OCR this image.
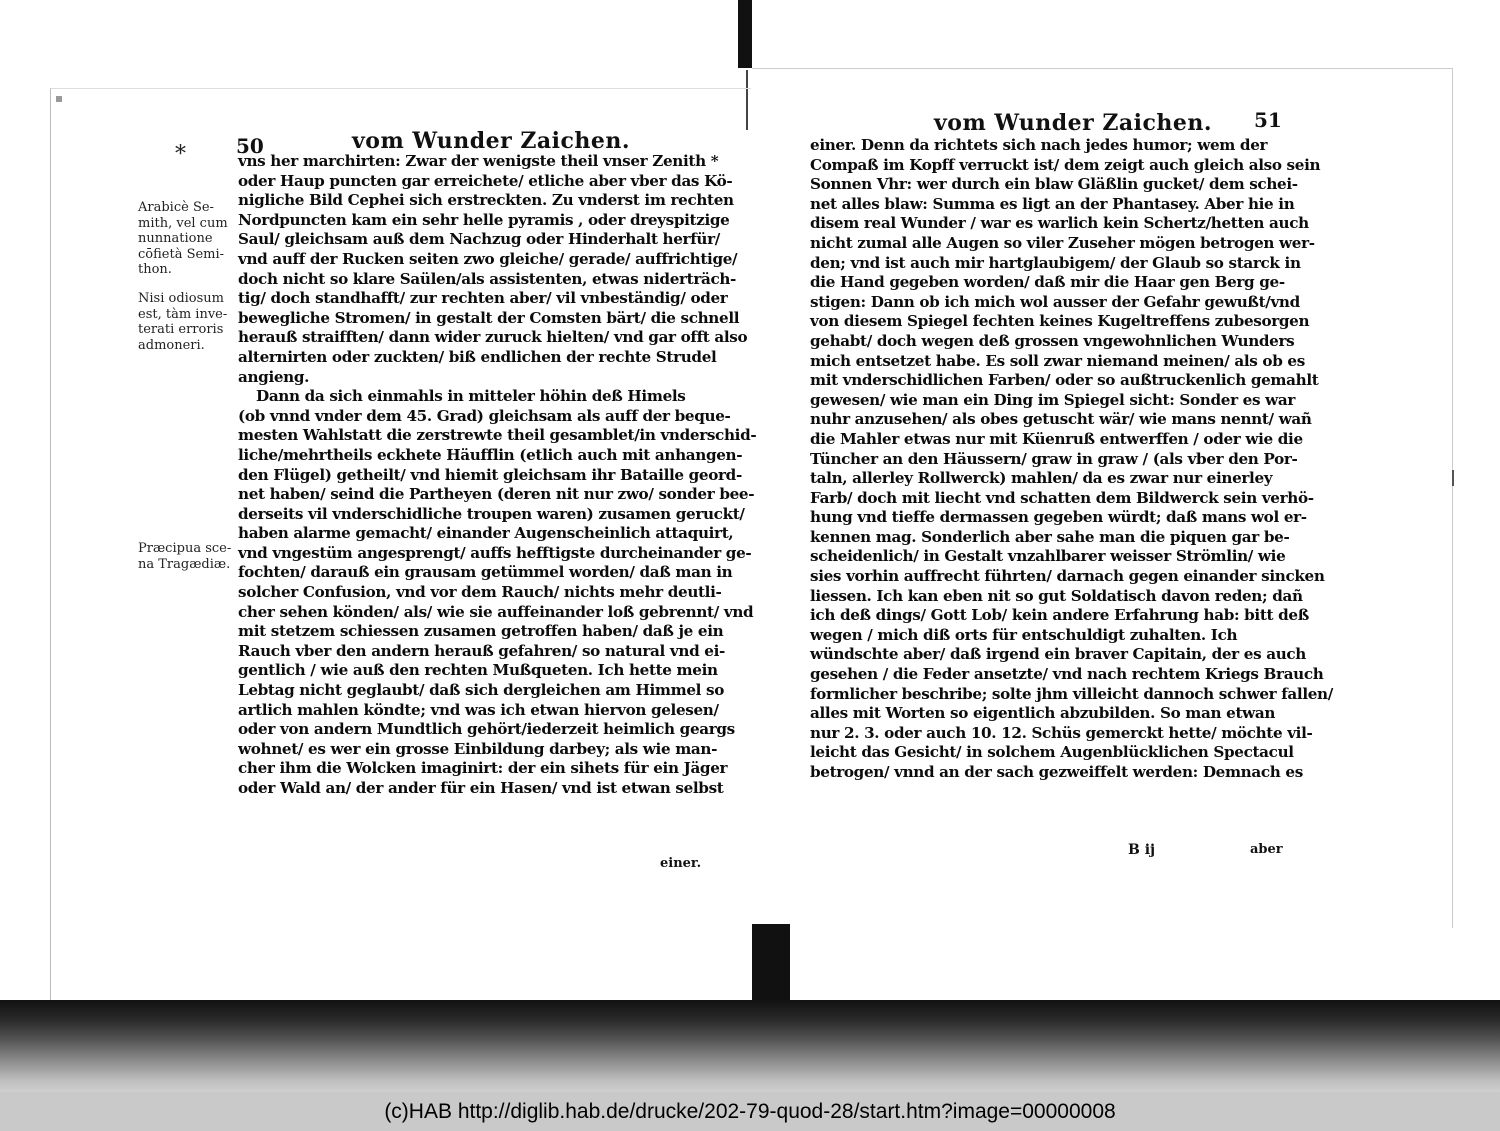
50	vom Wunder Zaichen.
*
Arabicè Se-
mith, vel cum
nunnatione
cōfietà Semi-
thon.
Nisi odiosum
est, tàm inve-
terati erroris
admoneri.
Præcipua sce-
na Tragædiæ.
vns her marchirten: Zwar der wenigste theil vnser Zenith *
oder Haup puncten gar erreichete/ etliche aber vber das Kö-
nigliche Bild Cephei sich erstreckten. Zu vnderst im rechten
Nordpuncten kam ein sehr helle pyramis , oder dreyspitzige
Saul/ gleichsam auß dem Nachzug oder Hinderhalt herfür/
vnd auff der Rucken seiten zwo gleiche/ gerade/ auffrichtige/
doch nicht so klare Saülen/als assistenten, etwas niderträch-
tig/ doch standhafft/ zur rechten aber/ vil vnbeständig/ oder
bewegliche Stromen/ in gestalt der Comsten bärt/ die schnell
herauß straifften/ dann wider zuruck hielten/ vnd gar offt also
alternirten oder zuckten/ biß endlichen der rechte Strudel
angieng.
Dann da sich einmahls in mitteler höhin deß Himels
(ob vnnd vnder dem 45. Grad) gleichsam als auff der beque-
mesten Wahlstatt die zerstrewte theil gesamblet/in vnderschid-
liche/mehrtheils eckhete Häufflin (etlich auch mit anhangen-
den Flügel) getheilt/ vnd hiemit gleichsam ihr Bataille geord-
net haben/ seind die Partheyen (deren nit nur zwo/ sonder bee-
derseits vil vnderschidliche troupen waren) zusamen geruckt/
haben alarme gemacht/ einander Augenscheinlich attaquirt,
vnd vngestüm angesprengt/ auffs hefftigste durcheinander ge-
fochten/ darauß ein grausam getümmel worden/ daß man in
solcher Confusion, vnd vor dem Rauch/ nichts mehr deutli-
cher sehen könden/ als/ wie sie auffeinander loß gebrennt/ vnd
mit stetzem schiessen zusamen getroffen haben/ daß je ein
Rauch vber den andern herauß gefahren/ so natural vnd ei-
gentlich / wie auß den rechten Mußqueten. Ich hette mein
Lebtag nicht geglaubt/ daß sich dergleichen am Himmel so
artlich mahlen köndte; vnd was ich etwan hiervon gelesen/
oder von andern Mundtlich gehört/iederzeit heimlich geargs
wohnet/ es wer ein grosse Einbildung darbey; als wie man-
cher ihm die Wolcken imaginirt: der ein sihets für ein Jäger
oder Wald an/ der ander für ein Hasen/ vnd ist etwan selbst
einer.
vom Wunder Zaichen. 51
einer. Denn da richtets sich nach jedes humor; wem der
Compaß im Kopff verruckt ist/ dem zeigt auch gleich also sein
Sonnen Vhr: wer durch ein blaw Gläßlin gucket/ dem schei-
net alles blaw: Summa es ligt an der Phantasey. Aber hie in
disem real Wunder / war es warlich kein Schertz/hetten auch
nicht zumal alle Augen so viler Zuseher mögen betrogen wer-
den; vnd ist auch mir hartglaubigem/ der Glaub so starck in
die Hand gegeben worden/ daß mir die Haar gen Berg ge-
stigen: Dann ob ich mich wol ausser der Gefahr gewußt/vnd
von diesem Spiegel fechten keines Kugeltreffens zubesorgen
gehabt/ doch wegen deß grossen vngewohnlichen Wunders
mich entsetzet habe. Es soll zwar niemand meinen/ als ob es
mit vnderschidlichen Farben/ oder so außtruckenlich gemahlt
gewesen/ wie man ein Ding im Spiegel sicht: Sonder es war
nuhr anzusehen/ als obes getuscht wär/ wie mans nennt/ wañ
die Mahler etwas nur mit Küenruß entwerffen / oder wie die
Tüncher an den Häussern/ graw in graw / (als vber den Por-
taln, allerley Rollwerck) mahlen/ da es zwar nur einerley
Farb/ doch mit liecht vnd schatten dem Bildwerck sein verhö-
hung vnd tieffe dermassen gegeben würdt; daß mans wol er-
kennen mag. Sonderlich aber sahe man die piquen gar be-
scheidenlich/ in Gestalt vnzahlbarer weisser Strömlin/ wie
sies vorhin auffrecht führten/ darnach gegen einander sincken
liessen. Ich kan eben nit so gut Soldatisch davon reden; dañ
ich deß dings/ Gott Lob/ kein andere Erfahrung hab: bitt deß
wegen / mich diß orts für entschuldigt zuhalten. Ich
wündschte aber/ daß irgend ein braver Capitain, der es auch
gesehen / die Feder ansetzte/ vnd nach rechtem Kriegs Brauch
formlicher beschribe; solte jhm villeicht dannoch schwer fallen/
alles mit Worten so eigentlich abzubilden. So man etwan
nur 2. 3. oder auch 10. 12. Schüs gemerckt hette/ möchte vil-
leicht das Gesicht/ in solchem Augenblücklichen Spectacul
betrogen/ vnnd an der sach gezweiffelt werden: Demnach es
B ij	aber
(c)HAB http://diglib.hab.de/drucke/202-79-quod-28/start.htm?image=00000008
